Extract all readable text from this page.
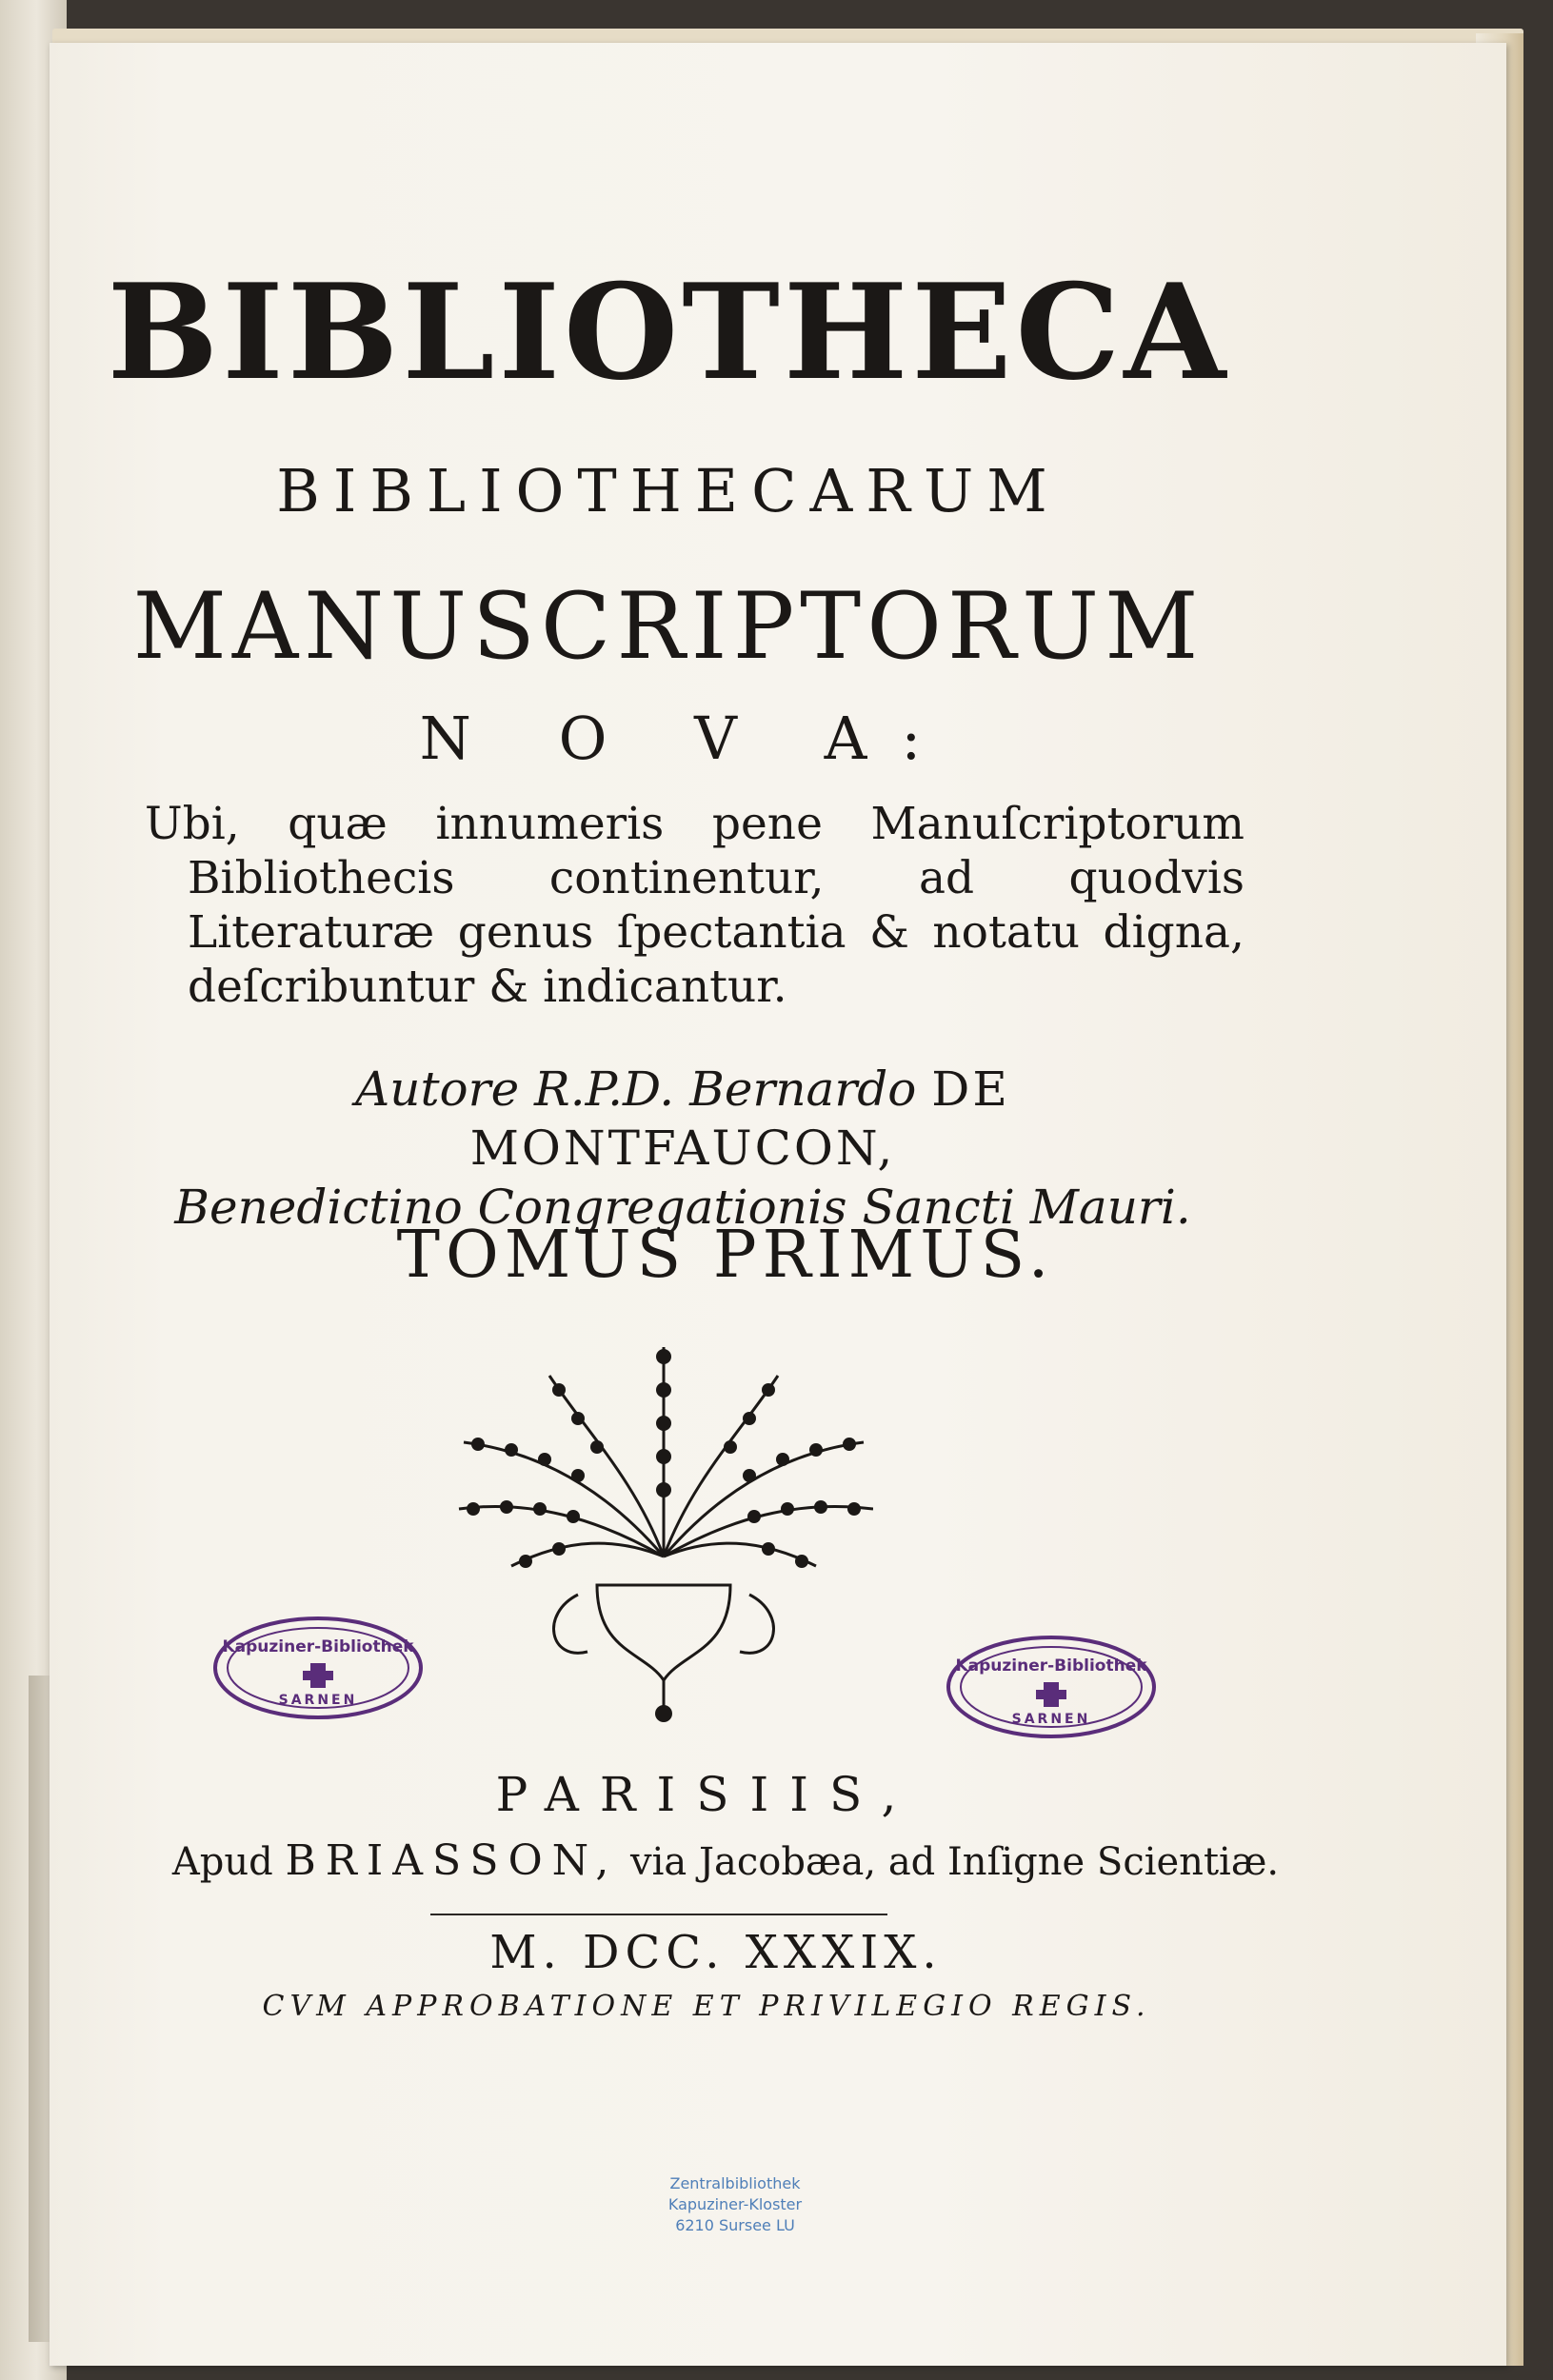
BIBLIOTHECA
BIBLIOTHECARUM
MANUSCRIPTORUM
N O V A:
Ubi, quæ innumeris pene Manuſcriptorum Bibliothecis continentur, ad quodvis Literaturæ genus ſpectantia & notatu digna, deſcribuntur & indicantur.
Autore R.P.D. Bernardo DE MONTFAUCON,
Benedictino Congregationis Sancti Mauri.
TOMUS PRIMUS.
Kapuziner-Bibliothek
SARNEN
Kapuziner-Bibliothek
SARNEN
PARISIIS,
Apud BRIASSON, via Jacobæa, ad Inſigne Scientiæ.
M. DCC. XXXIX.
CVM APPROBATIONE ET PRIVILEGIO REGIS.
Zentralbibliothek
Kapuziner-Kloster
6210 Sursee LU
